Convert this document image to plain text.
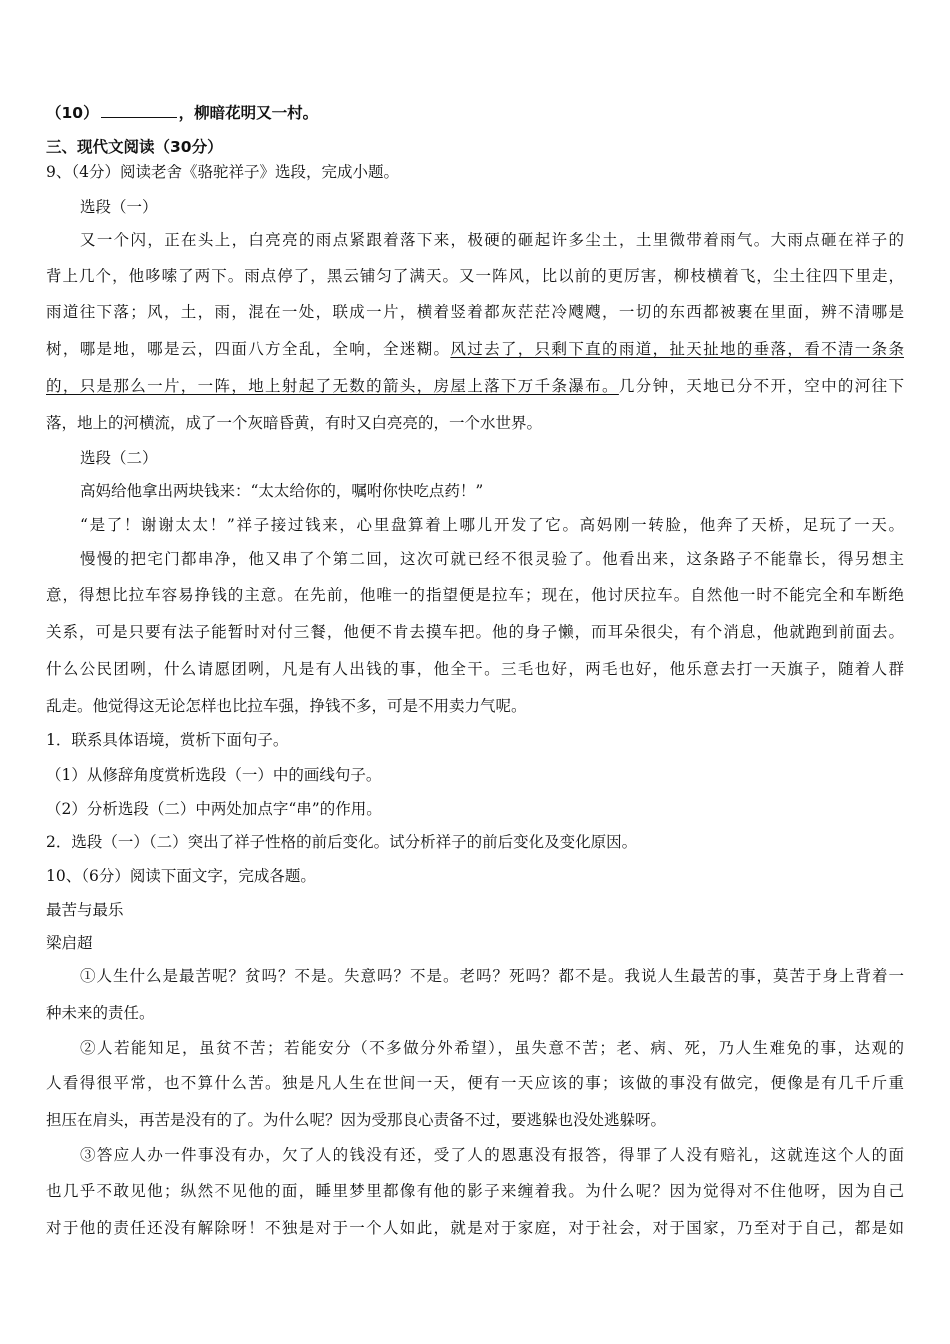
（10）	，柳暗花明又一村。
三、现代文阅读（30分）
9、（4分）阅读老舍《骆驼祥子》选段，完成小题。
选段（一）
又一个闪，正在头上，白亮亮的雨点紧跟着落下来，极硬的砸起许多尘土，土里微带着雨气。大雨点砸在祥子的
背上几个，他哆嗦了两下。雨点停了，黑云铺匀了满天。又一阵风，比以前的更厉害，柳枝横着飞，尘土往四下里走，
雨道往下落；风，土，雨，混在一处，联成一片，横着竖着都灰茫茫冷飕飕，一切的东西都被裹在里面，辨不清哪是
树，哪是地，哪是云，四面八方全乱，全响，全迷糊。风过去了，只剩下直的雨道，扯天扯地的垂落，看不清一条条
的，只是那么一片，一阵，地上射起了无数的箭头，房屋上落下万千条瀑布。几分钟，天地已分不开，空中的河往下
落，地上的河横流，成了一个灰暗昏黄，有时又白亮亮的，一个水世界。
选段（二）
高妈给他拿出两块钱来：“太太给你的，嘱咐你快吃点药！”
“是了！谢谢太太！”祥子接过钱来，心里盘算着上哪儿开发了它。高妈刚一转脸，他奔了天桥，足玩了一天。
慢慢的把宅门都串净，他又串了个第二回，这次可就已经不很灵验了。他看出来，这条路子不能靠长，得另想主
意，得想比拉车容易挣钱的主意。在先前，他唯一的指望便是拉车；现在，他讨厌拉车。自然他一时不能完全和车断绝
关系，可是只要有法子能暂时对付三餐，他便不肯去摸车把。他的身子懒，而耳朵很尖，有个消息，他就跑到前面去。
什么公民团咧，什么请愿团咧，凡是有人出钱的事，他全干。三毛也好，两毛也好，他乐意去打一天旗子，随着人群
乱走。他觉得这无论怎样也比拉车强，挣钱不多，可是不用卖力气呢。
1．联系具体语境，赏析下面句子。
（1）从修辞角度赏析选段（一）中的画线句子。
（2）分析选段（二）中两处加点字“串”的作用。
2．选段（一）（二）突出了祥子性格的前后变化。试分析祥子的前后变化及变化原因。
10、（6分）阅读下面文字，完成各题。
最苦与最乐
梁启超
①人生什么是最苦呢？贫吗？不是。失意吗？不是。老吗？死吗？都不是。我说人生最苦的事，莫苦于身上背着一
种未来的责任。
②人若能知足，虽贫不苦；若能安分（不多做分外希望），虽失意不苦；老、病、死，乃人生难免的事，达观的
人看得很平常，也不算什么苦。独是凡人生在世间一天，便有一天应该的事；该做的事没有做完，便像是有几千斤重
担压在肩头，再苦是没有的了。为什么呢？因为受那良心责备不过，要逃躲也没处逃躲呀。
③答应人办一件事没有办，欠了人的钱没有还，受了人的恩惠没有报答，得罪了人没有赔礼，这就连这个人的面
也几乎不敢见他；纵然不见他的面，睡里梦里都像有他的影子来缠着我。为什么呢？因为觉得对不住他呀，因为自己
对于他的责任还没有解除呀！不独是对于一个人如此，就是对于家庭，对于社会，对于国家，乃至对于自己，都是如
